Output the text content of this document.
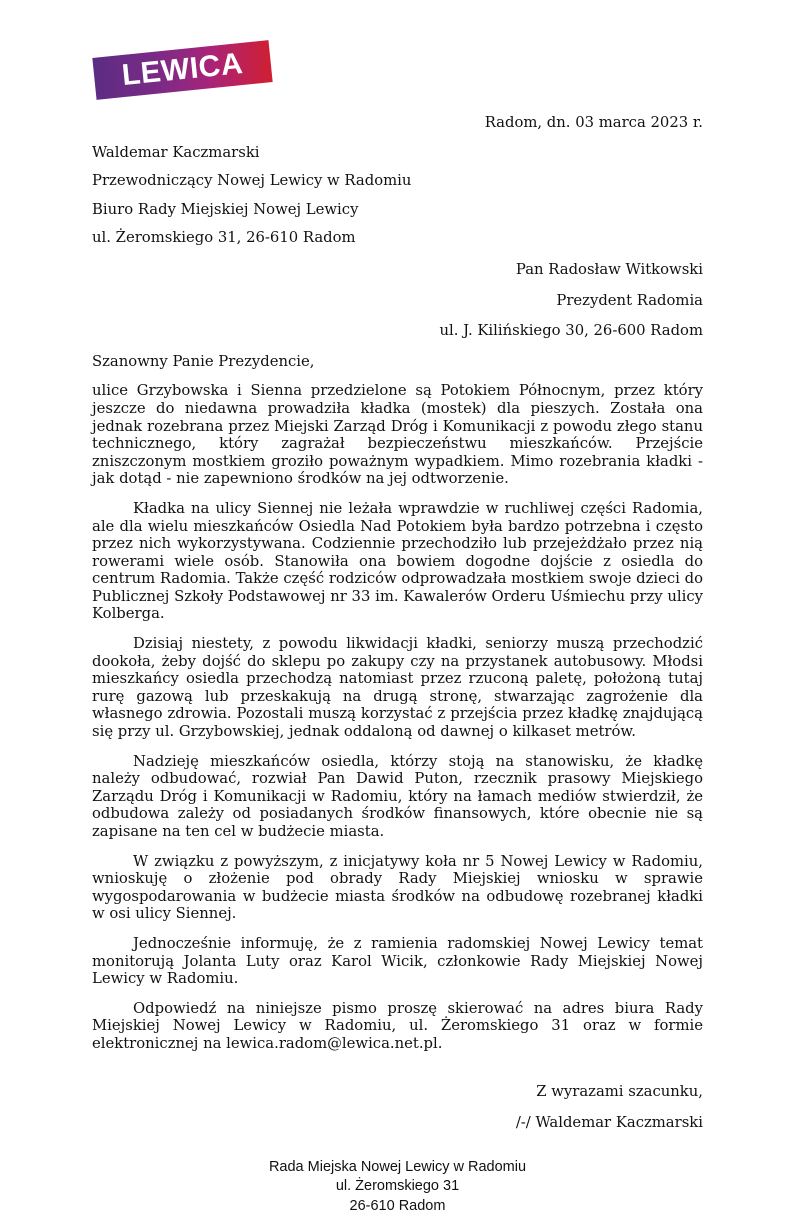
LEWICA

Radom, dn. 03 marca 2023 r.

Waldemar Kaczmarski

Przewodniczący Nowej Lewicy w Radomiu

Biuro Rady Miejskiej Nowej Lewicy

ul. Żeromskiego 31, 26-610 Radom

Pan Radosław Witkowski

Prezydent Radomia

ul. J. Kilińskiego 30, 26-600 Radom

Szanowny Panie Prezydencie,

ulice Grzybowska i Sienna przedzielone są Potokiem Północnym, przez który jeszcze do niedawna prowadziła kładka (mostek) dla pieszych. Została ona jednak rozebrana przez Miejski Zarząd Dróg i Komunikacji z powodu złego stanu technicznego, który zagrażał bezpieczeństwu mieszkańców. Przejście zniszczonym mostkiem groziło poważnym wypadkiem. Mimo rozebrania kładki - jak dotąd - nie zapewniono środków na jej odtworzenie.

Kładka na ulicy Siennej nie leżała wprawdzie w ruchliwej części Radomia, ale dla wielu mieszkańców Osiedla Nad Potokiem była bardzo potrzebna i często przez nich wykorzystywana. Codziennie przechodziło lub przejeżdżało przez nią rowerami wiele osób. Stanowiła ona bowiem dogodne dojście z osiedla do centrum Radomia. Także część rodziców odprowadzała mostkiem swoje dzieci do Publicznej Szkoły Podstawowej nr 33 im. Kawalerów Orderu Uśmiechu przy ulicy Kolberga.

Dzisiaj niestety, z powodu likwidacji kładki, seniorzy muszą przechodzić dookoła, żeby dojść do sklepu po zakupy czy na przystanek autobusowy. Młodsi mieszkańcy osiedla przechodzą natomiast przez rzuconą paletę, położoną tutaj rurę gazową lub przeskakują na drugą stronę, stwarzając zagrożenie dla własnego zdrowia. Pozostali muszą korzystać z przejścia przez kładkę znajdującą się przy ul. Grzybowskiej, jednak oddaloną od dawnej o kilkaset metrów.

Nadzieję mieszkańców osiedla, którzy stoją na stanowisku, że kładkę należy odbudować, rozwiał Pan Dawid Puton, rzecznik prasowy Miejskiego Zarządu Dróg i Komunikacji w Radomiu, który na łamach mediów stwierdził, że odbudowa zależy od posiadanych środków finansowych, które obecnie nie są zapisane na ten cel w budżecie miasta.

W związku z powyższym, z inicjatywy koła nr 5 Nowej Lewicy w Radomiu, wnioskuję o złożenie pod obrady Rady Miejskiej wniosku w sprawie wygospodarowania w budżecie miasta środków na odbudowę rozebranej kładki w osi ulicy Siennej.

Jednocześnie informuję, że z ramienia radomskiej Nowej Lewicy temat monitorują Jolanta Luty oraz Karol Wicik, członkowie Rady Miejskiej Nowej Lewicy w Radomiu.

Odpowiedź na niniejsze pismo proszę skierować na adres biura Rady Miejskiej Nowej Lewicy w Radomiu, ul. Żeromskiego 31 oraz w formie elektronicznej na lewica.radom@lewica.net.pl.

Z wyrazami szacunku,

/-/ Waldemar Kaczmarski

Rada Miejska Nowej Lewicy w Radomiu

ul. Żeromskiego 31

26-610 Radom
